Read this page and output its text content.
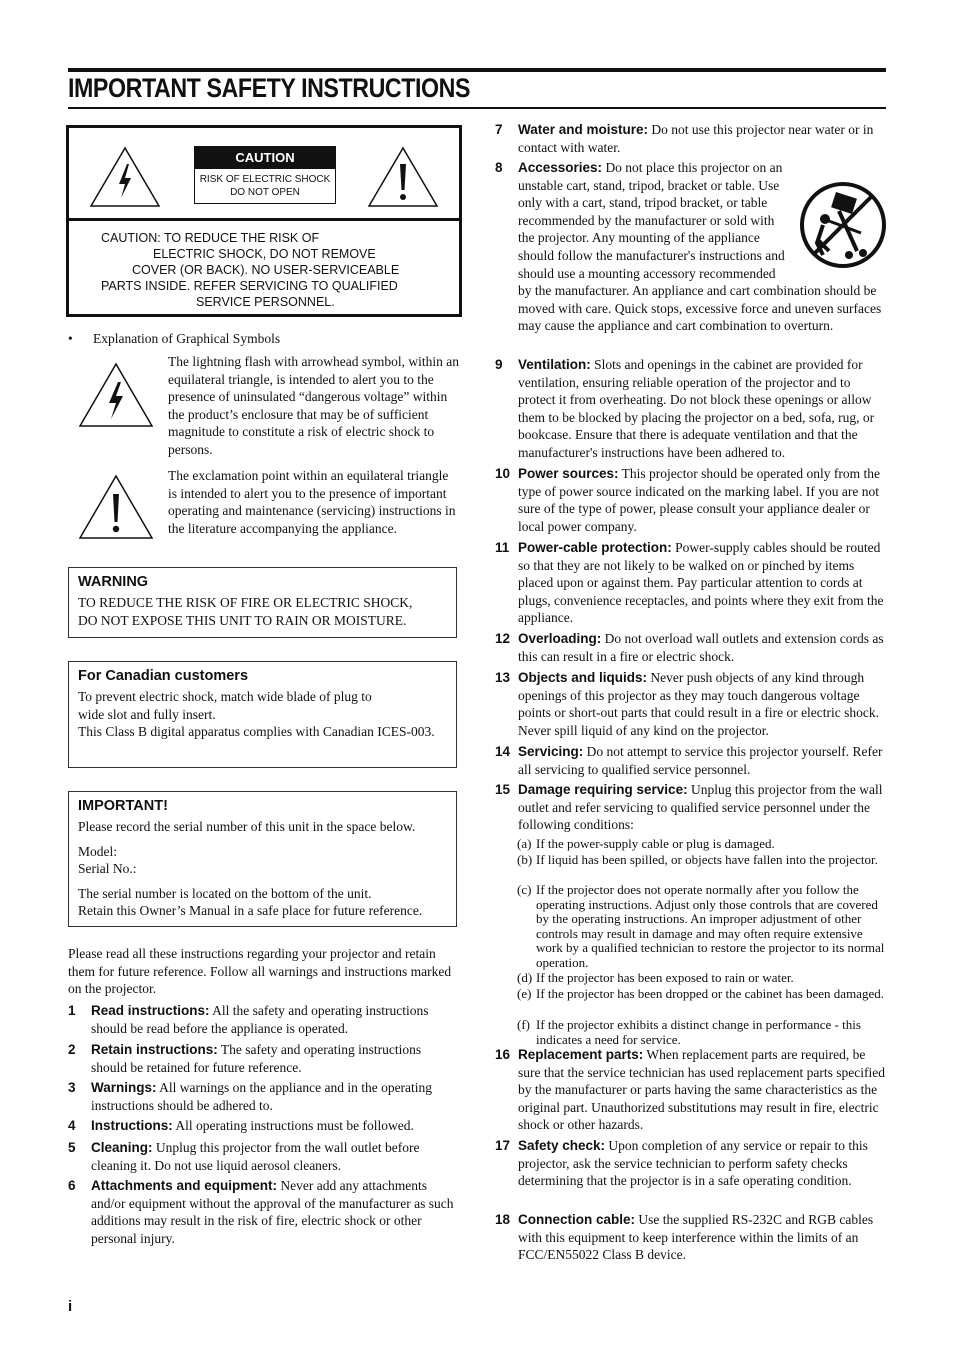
IMPORTANT SAFETY INSTRUCTIONS
CAUTION
RISK OF ELECTRIC SHOCK
DO NOT OPEN
CAUTION: TO REDUCE THE RISK OF
ELECTRIC SHOCK, DO NOT REMOVE
COVER (OR BACK). NO USER-SERVICEABLE
PARTS INSIDE. REFER SERVICING TO QUALIFIED
SERVICE PERSONNEL.
•      Explanation of Graphical Symbols
The lightning flash with arrowhead symbol, within an equilateral triangle, is intended to alert you to the presence of uninsulated “dangerous voltage” within the product’s enclosure that may be of sufficient magnitude to constitute a risk of electric shock to persons.
The exclamation point within an equilateral triangle is intended to alert you to the presence of important operating and maintenance (servicing) instructions in the literature accompanying the appliance.
WARNING

TO REDUCE THE RISK OF FIRE OR ELECTRIC SHOCK,

DO NOT EXPOSE THIS UNIT TO RAIN OR MOISTURE.

For Canadian customers

To prevent electric shock, match wide blade of plug to

wide slot and fully insert.

This Class B digital apparatus complies with Canadian ICES-003.

IMPORTANT!

Please record the serial number of this unit in the space below.

Model:

Serial No.:

The serial number is located on the bottom of the unit.

Retain this Owner’s Manual in a safe place for future reference.

Please read all these instructions regarding your projector and retain them for future reference. Follow all warnings and instructions marked on the projector.
1 Read instructions: All the safety and operating instructions should be read before the appliance is operated.
2 Retain instructions: The safety and operating instructions should be retained for future reference.
3 Warnings: All warnings on the appliance and in the operating instructions should be adhered to.
4 Instructions: All operating instructions must be followed.
5 Cleaning: Unplug this projector from the wall outlet before cleaning it. Do not use liquid aerosol cleaners.
6 Attachments and equipment: Never add any attachments and/or equipment without the approval of the manufacturer as such additions may result in the risk of fire, electric shock or other personal injury.
7 Water and moisture: Do not use this projector near water or in contact with water.
8 Accessories: Do not place this projector on an unstable cart, stand, tripod, bracket or table. Use only with a cart, stand, tripod bracket, or table recommended by the manufacturer or sold with the projector. Any mounting of the appliance should follow the manufacturer's instructions and should use a mounting accessory recommended by the manufacturer. An appliance and cart combination should be moved with care. Quick stops, excessive force and uneven surfaces may cause the appliance and cart combination to overturn.
9 Ventilation: Slots and openings in the cabinet are provided for ventilation, ensuring reliable operation of the projector and to protect it from overheating. Do not block these openings or allow them to be blocked by placing the projector on a bed, sofa, rug, or bookcase. Ensure that there is adequate ventilation and that the manufacturer's instructions have been adhered to.
10 Power sources: This projector should be operated only from the type of power source indicated on the marking label. If you are not sure of the type of power, please consult your appliance dealer or local power company.
11 Power-cable protection: Power-supply cables should be routed so that they are not likely to be walked on or pinched by items placed upon or against them. Pay particular attention to cords at plugs, convenience receptacles, and points where they exit from the appliance.
12 Overloading: Do not overload wall outlets and extension cords as this can result in a fire or electric shock.
13 Objects and liquids: Never push objects of any kind through openings of this projector as they may touch dangerous voltage points or short-out parts that could result in a fire or electric shock. Never spill liquid of any kind on the projector.
14 Servicing: Do not attempt to service this projector yourself. Refer all servicing to qualified service personnel.
15 Damage requiring service: Unplug this projector from the wall outlet and refer servicing to qualified service personnel under the following conditions:
(a) If the power-supply cable or plug is damaged.
(b) If liquid has been spilled, or objects have fallen into the projector.
(c) If the projector does not operate normally after you follow the operating instructions. Adjust only those controls that are covered by the operating instructions. An improper adjustment of other controls may result in damage and may often require extensive work by a qualified technician to restore the projector to its normal operation.
(d) If the projector has been exposed to rain or water.
(e) If the projector has been dropped or the cabinet has been damaged.
(f) If the projector exhibits a distinct change in performance - this indicates a need for service.
16 Replacement parts: When replacement parts are required, be sure that the service technician has used replacement parts specified by the manufacturer or parts having the same characteristics as the original part. Unauthorized substitutions may result in fire, electric shock or other hazards.
17 Safety check: Upon completion of any service or repair to this projector, ask the service technician to perform safety checks determining that the projector is in a safe operating condition.
18 Connection cable: Use the supplied RS-232C and RGB cables with this equipment to keep interference within the limits of an FCC/EN55022 Class B device.
i
